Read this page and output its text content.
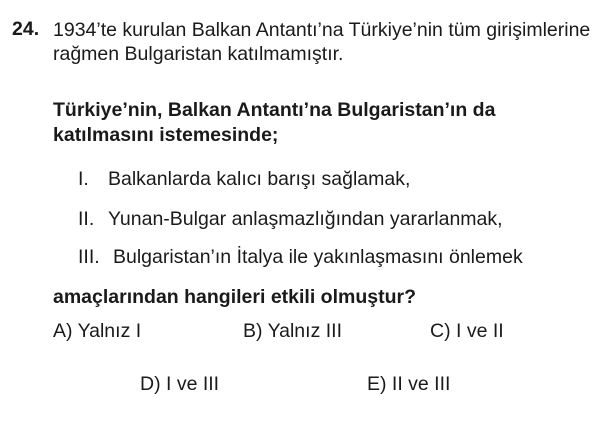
24. 1934’te kurulan Balkan Antantı’na Türkiye’nin tüm girişimlerine rağmen Bulgaristan katılmamıştır.
Türkiye’nin, Balkan Antantı’na Bulgaristan’ın da katılmasını istemesinde;
I. Balkanlarda kalıcı barışı sağlamak,
II. Yunan-Bulgar anlaşmazlığından yararlanmak,
III. Bulgaristan’ın İtalya ile yakınlaşmasını önlemek
amaçlarından hangileri etkili olmuştur?
A) Yalnız I	B) Yalnız III	C) I ve II
D) I ve III	E) II ve III
